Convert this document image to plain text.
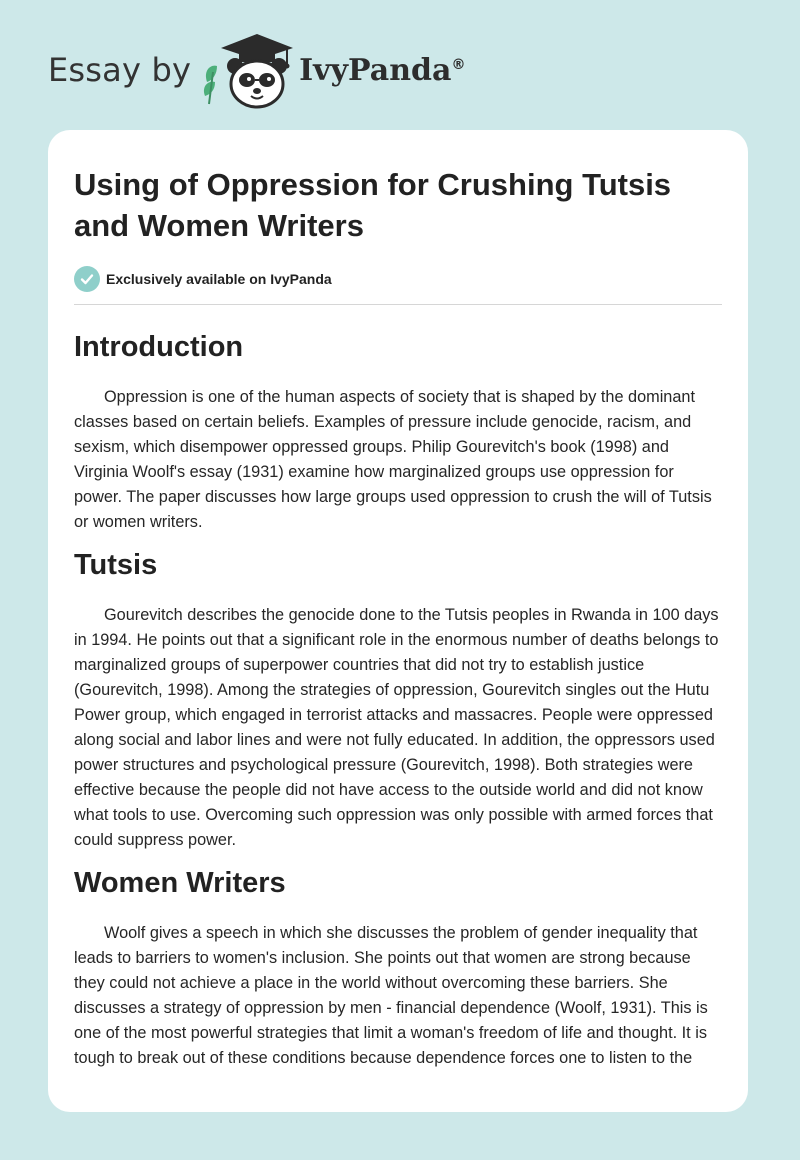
Essay by	IvyPanda®
Using of Oppression for Crushing Tutsis and Women Writers
Exclusively available on IvyPanda
Introduction

Oppression is one of the human aspects of society that is shaped by the dominant classes based on certain beliefs. Examples of pressure include genocide, racism, and sexism, which disempower oppressed groups. Philip Gourevitch's book (1998) and Virginia Woolf's essay (1931) examine how marginalized groups use oppression for power. The paper discusses how large groups used oppression to crush the will of Tutsis or women writers.

Tutsis

Gourevitch describes the genocide done to the Tutsis peoples in Rwanda in 100 days in 1994. He points out that a significant role in the enormous number of deaths belongs to marginalized groups of superpower countries that did not try to establish justice (Gourevitch, 1998). Among the strategies of oppression, Gourevitch singles out the Hutu Power group, which engaged in terrorist attacks and massacres. People were oppressed along social and labor lines and were not fully educated. In addition, the oppressors used power structures and psychological pressure (Gourevitch, 1998). Both strategies were effective because the people did not have access to the outside world and did not know what tools to use. Overcoming such oppression was only possible with armed forces that could suppress power.

Women Writers

Woolf gives a speech in which she discusses the problem of gender inequality that leads to barriers to women's inclusion. She points out that women are strong because they could not achieve a place in the world without overcoming these barriers. She discusses a strategy of oppression by men - financial dependence (Woolf, 1931). This is one of the most powerful strategies that limit a woman's freedom of life and thought. It is tough to break out of these conditions because dependence forces one to listen to the
